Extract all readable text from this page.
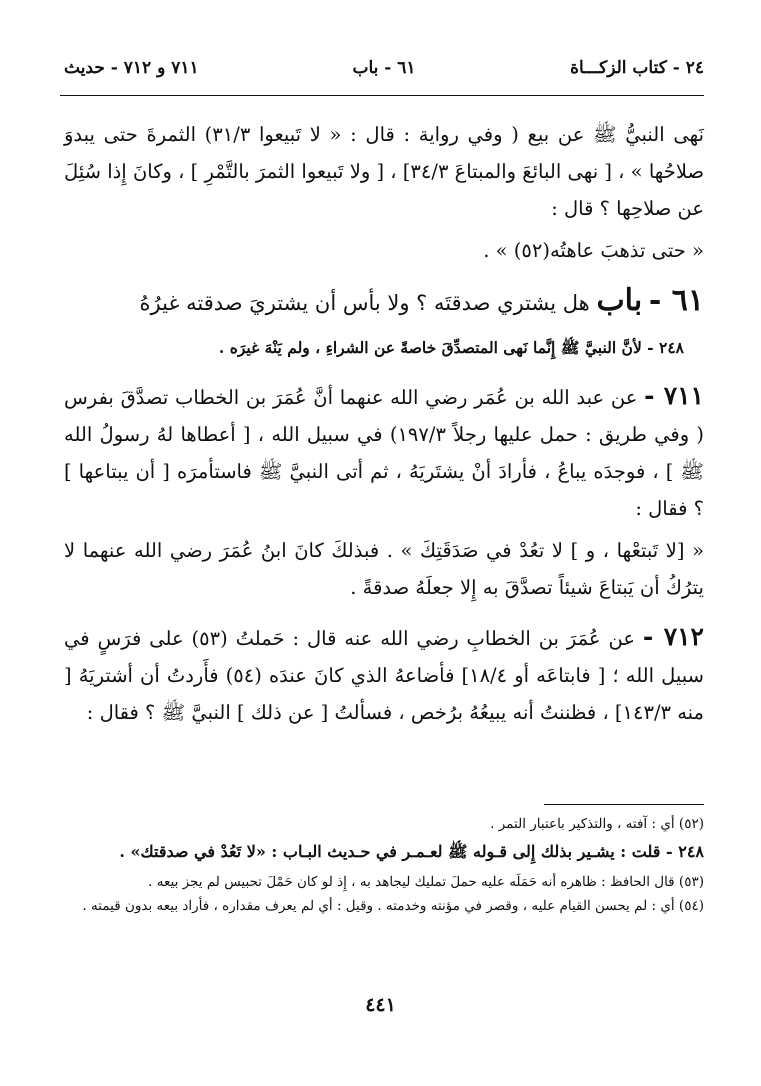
٢٤ - كتاب الزكـــاة
٦١ - باب
٧١١ و ٧١٢ - حديث

نَهى النبيُّ ﷺ عن بيع ( وفي رواية : قال : « لا تَبيعوا ٣١/٣) الثمرةَ حتى يبدوَ صلاحُها » ، [ نهى البائعَ والمبتاعَ ٣٤/٣] ، [ ولا تَبيعوا الثمرَ بالتَّمْرِ ] ، وكانَ إِذا سُئِلَ عن صلاحِها ؟ قال :

« حتى تذهبَ عاهتُه(٥٢) » .

٦١ - باب هل يشتري صدقتَه ؟ ولا بأس أن يشتريَ صدقته غيرُهُ

٢٤٨ - لأنَّ النبيَّ ﷺ إِنَّما نَهى المتصدِّقَ خاصةً عن الشراءِ ، ولم يَنْهَ غيرَه .

٧١١ - عن عبد الله بن عُمَر رضي الله عنهما أنَّ عُمَرَ بن الخطاب تصدَّقَ بفرس ( وفي طريق : حمل عليها رجلاً ١٩٧/٣) في سبيل الله ، [ أعطاها لهُ رسولُ الله ﷺ ] ، فوجدَه يباعُ ، فأرادَ أنْ يشتَريَهُ ، ثم أتى النبيَّ ﷺ فاستأمرَه [ أن يبتاعها ] ؟ فقال :

« [لا تَبتعْها ، و ] لا تعُدْ في صَدَقَتِكَ » . فبذلكَ كانَ ابنُ عُمَرَ رضي الله عنهما لا يترُكُ أن يَبتاعَ شيئاً تصدَّقَ به إِلا جعلَهُ صدقةً .

٧١٢ - عن عُمَرَ بن الخطابِ رضي الله عنه قال : حَملتُ (٥٣) على فرَسٍ في سبيل الله ؛ [ فابتاعَه أو ١٨/٤] فأضاعهُ الذي كانَ عندَه (٥٤) فأَردتُ أن أشتريَهُ [ منه ١٤٣/٣] ، فظننتُ أنه يبيعُهُ برُخص ، فسألتُ [ عن ذلك ] النبيَّ ﷺ ؟ فقال :

(٥٢) أي : آفته ، والتذكير باعتبار التمر .

٢٤٨ - قلت : يشـير بذلك إِلى قـوله ﷺ لعـمـر في حـديث البـاب : «لا تَعُدْ في صدقتك» .

(٥٣) قال الحافظ : ظاهره أنه حَمَلَه عليه حملَ تمليك ليجاهد به ، إِذ لو كان حَمْلَ تحبيس لم يجز بيعه .

(٥٤) أي : لم يحسن القيام عليه ، وقصر في مؤنته وخدمته . وقيل : أي لم يعرف مقداره ، فأراد بيعه بدون قيمته .

٤٤١
